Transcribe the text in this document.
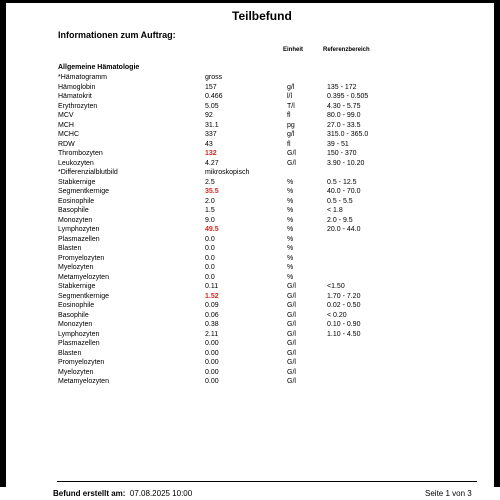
Teilbefund
Informationen zum Auftrag:
Einheit	Referenzbereich
Allgemeine Hämatologie
*Hämatogramm	gross
Hämoglobin	157	g/l	135 - 172
Hämatokrit	0.466	l/l	0.395 - 0.505
Erythrozyten	5.05	T/l	4.30 - 5.75
MCV	92	fl	80.0 - 99.0
MCH	31.1	pg	27.0 - 33.5
MCHC	337	g/l	315.0 - 365.0
RDW	43	fl	39 - 51
Thrombozyten	132	G/l	150 - 370
Leukozyten	4.27	G/l	3.90 - 10.20
*Differenzialblutbild	mikroskopisch
Stabkernige	2.5	%	0.5 - 12.5
Segmentkernige	35.5	%	40.0 - 70.0
Eosinophile	2.0	%	0.5 - 5.5
Basophile	1.5	%	< 1.8
Monozyten	9.0	%	2.0 - 9.5
Lymphozyten	49.5	%	20.0 - 44.0
Plasmazellen	0.0	%
Blasten	0.0	%
Promyelozyten	0.0	%
Myelozyten	0.0	%
Metamyelozyten	0.0	%
Stabkernige	0.11	G/l	<1.50
Segmentkernige	1.52	G/l	1.70 - 7.20
Eosinophile	0.09	G/l	0.02 - 0.50
Basophile	0.06	G/l	< 0.20
Monozyten	0.38	G/l	0.10 - 0.90
Lymphozyten	2.11	G/l	1.10 - 4.50
Plasmazellen	0.00	G/l
Blasten	0.00	G/l
Promyelozyten	0.00	G/l
Myelozyten	0.00	G/l
Metamyelozyten	0.00	G/l
Befund erstellt am: 07.08.2025 10:00	Seite 1 von 3
